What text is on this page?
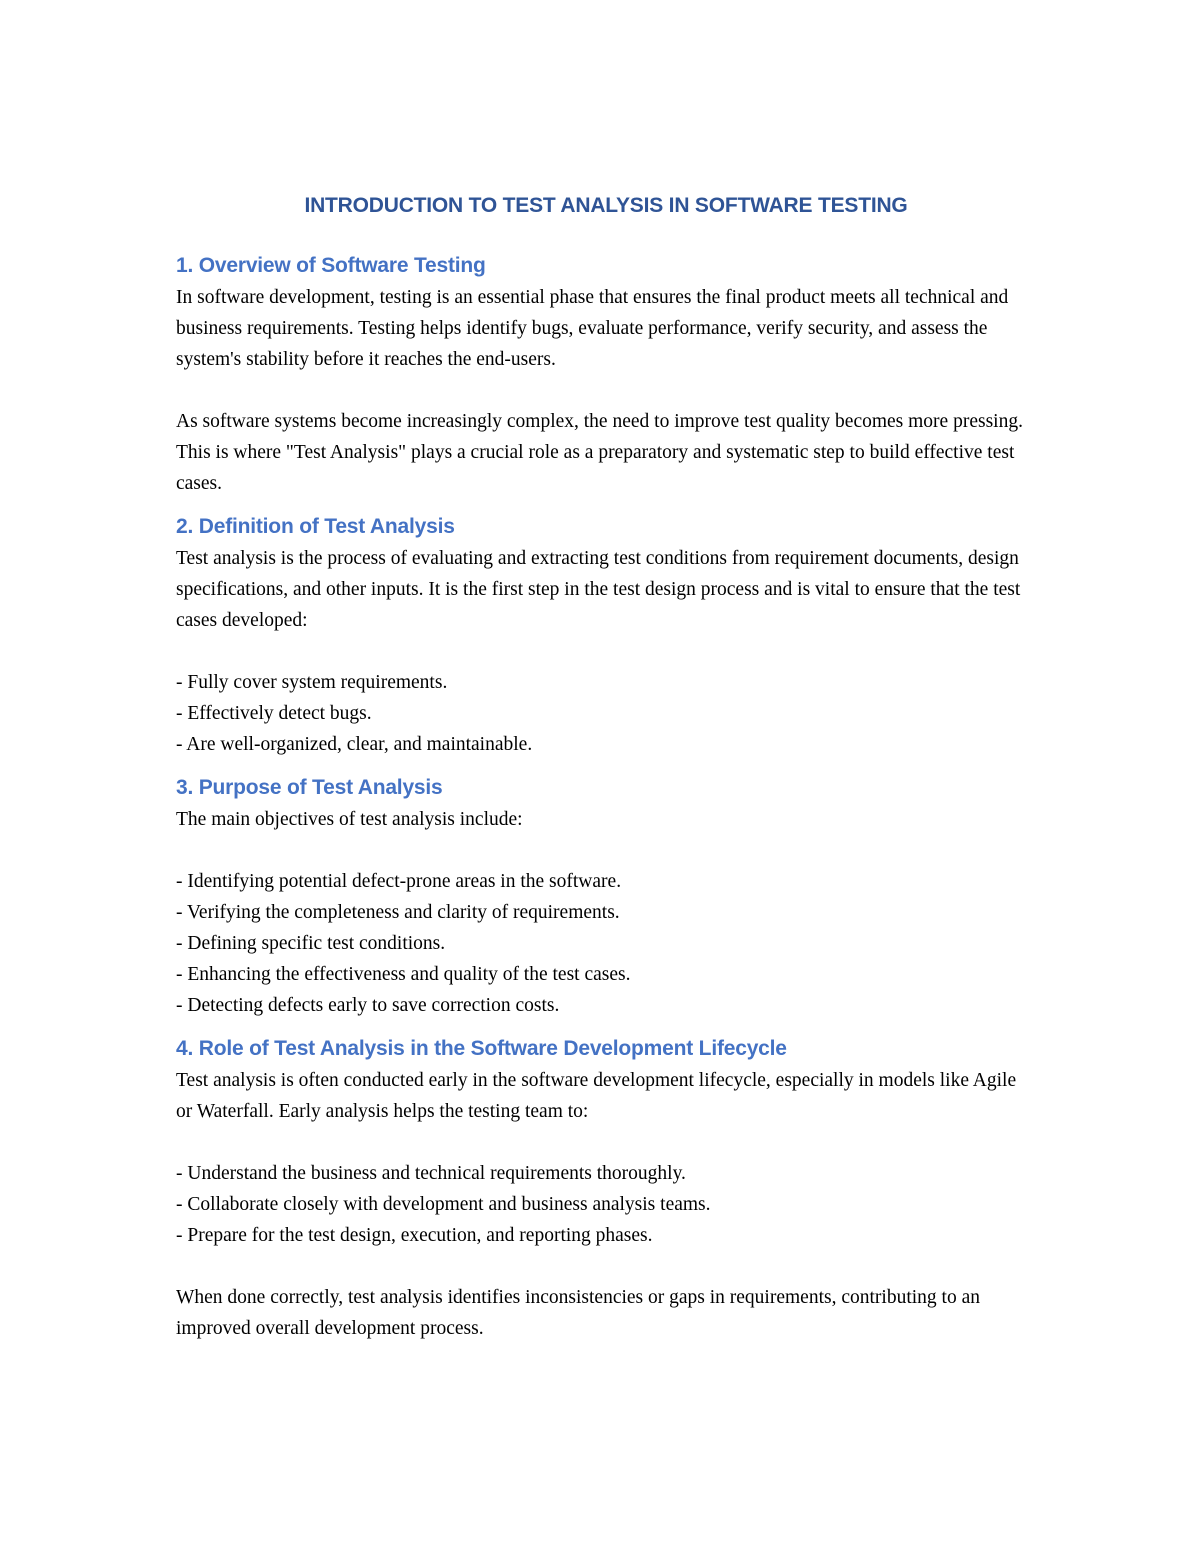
INTRODUCTION TO TEST ANALYSIS IN SOFTWARE TESTING
1. Overview of Software Testing

In software development, testing is an essential phase that ensures the final product meets all technical and business requirements. Testing helps identify bugs, evaluate performance, verify security, and assess the system's stability before it reaches the end-users.

As software systems become increasingly complex, the need to improve test quality becomes more pressing. This is where "Test Analysis" plays a crucial role as a preparatory and systematic step to build effective test cases.

2. Definition of Test Analysis

Test analysis is the process of evaluating and extracting test conditions from requirement documents, design specifications, and other inputs. It is the first step in the test design process and is vital to ensure that the test cases developed:

- Fully cover system requirements.
- Effectively detect bugs.
- Are well-organized, clear, and maintainable.
3. Purpose of Test Analysis

The main objectives of test analysis include:

- Identifying potential defect-prone areas in the software.
- Verifying the completeness and clarity of requirements.
- Defining specific test conditions.
- Enhancing the effectiveness and quality of the test cases.
- Detecting defects early to save correction costs.
4. Role of Test Analysis in the Software Development Lifecycle

Test analysis is often conducted early in the software development lifecycle, especially in models like Agile or Waterfall. Early analysis helps the testing team to:

- Understand the business and technical requirements thoroughly.
- Collaborate closely with development and business analysis teams.
- Prepare for the test design, execution, and reporting phases.

When done correctly, test analysis identifies inconsistencies or gaps in requirements, contributing to an improved overall development process.
